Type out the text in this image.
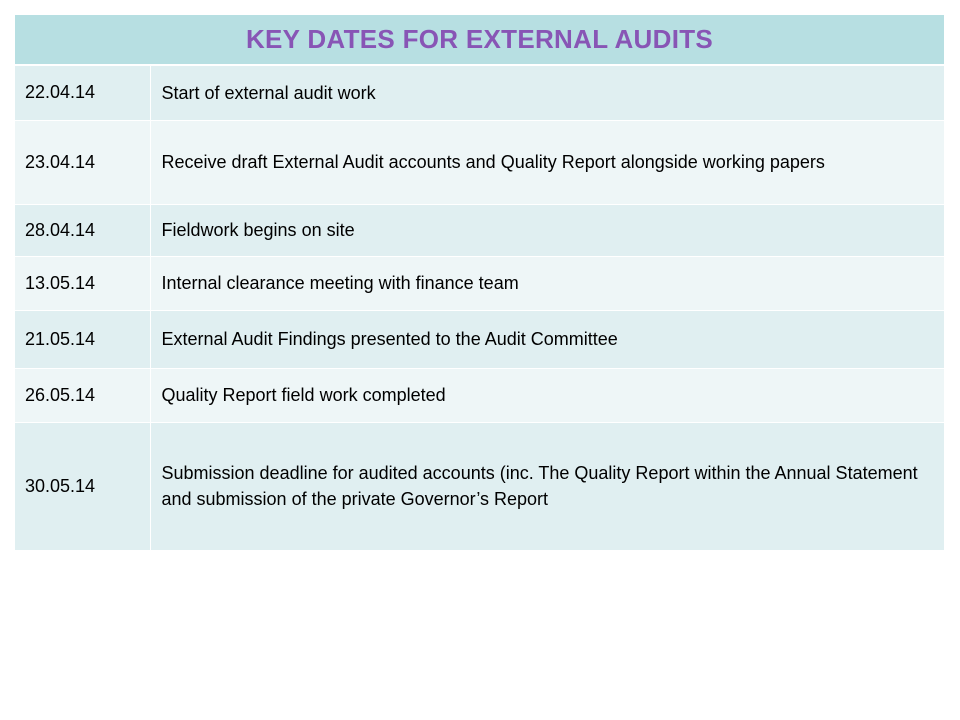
KEY DATES FOR EXTERNAL AUDITS	
22.04.14	Start of external audit work
23.04.14	Receive draft External Audit accounts and Quality Report alongside working papers
28.04.14	Fieldwork begins on site
13.05.14	Internal clearance meeting with finance team
21.05.14	External Audit Findings presented to the Audit Committee
26.05.14	Quality Report field work completed
30.05.14	Submission deadline for audited accounts (inc. The Quality Report within the Annual Statement and submission of the private Governor’s Report
